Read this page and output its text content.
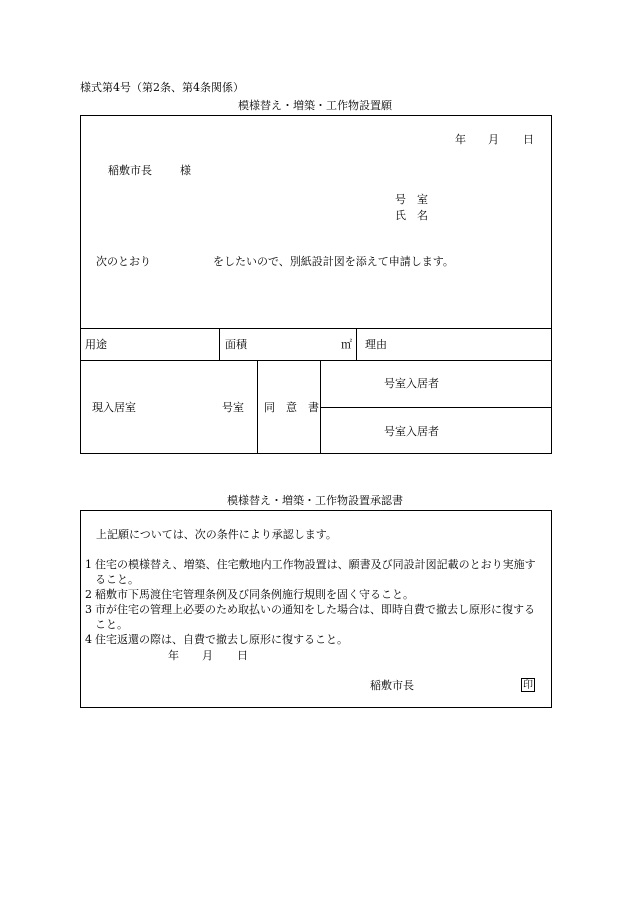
様式第4号（第2条、第4条関係）
模様替え・増築・工作物設置願
年 月 日
稲敷市長	様
号　室
氏　名
次のとおり	をしたいので、別紙設計図を添えて申請します。
用途	面積	㎡ 理由
現入居室	号室 同　意　書
号室入居者
号室入居者
模様替え・増築・工作物設置承認書
上記願については、次の条件により承認します。
1 住宅の模様替え、増築、住宅敷地内工作物設置は、願書及び同設計図記載のとおり実施すること。
2 稲敷市下馬渡住宅管理条例及び同条例施行規則を固く守ること。
3 市が住宅の管理上必要のため取払いの通知をした場合は、即時自費で撤去し原形に復すること。
4 住宅返還の際は、自費で撤去し原形に復すること。
年 月 日
稲敷市長	印
